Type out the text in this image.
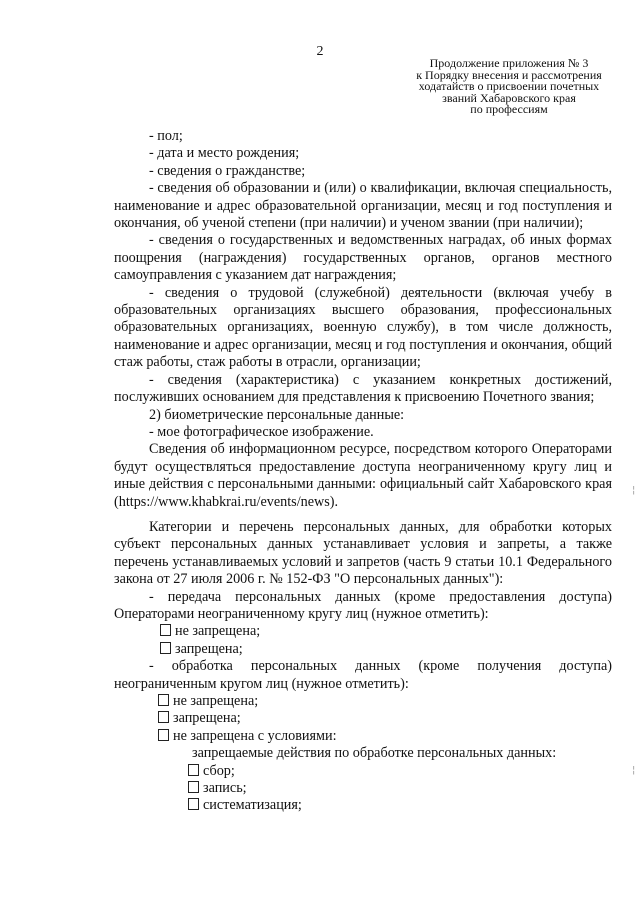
2
Продолжение приложения № 3
к Порядку внесения и рассмотрения
ходатайств о присвоении почетных
званий Хабаровского края
по профессиям

- пол;

- дата и место рождения;

- сведения о гражданстве;

- сведения об образовании и (или) о квалификации, включая специальность, наименование и адрес образовательной организации, месяц и год поступления и окончания, об ученой степени (при наличии) и ученом звании (при наличии);

- сведения о государственных и ведомственных наградах, об иных формах поощрения (награждения) государственных органов, органов местного самоуправления с указанием дат награждения;

- сведения о трудовой (служебной) деятельности (включая учебу в образовательных организациях высшего образования, профессиональных образовательных организациях, военную службу), в том числе должность, наименование и адрес организации, месяц и год поступления и окончания, общий стаж работы, стаж работы в отрасли, организации;

- сведения (характеристика) с указанием конкретных достижений, послуживших основанием для представления к присвоению Почетного звания;

2) биометрические персональные данные:

- мое фотографическое изображение.

Сведения об информационном ресурсе, посредством которого Операторами будут осуществляться предоставление доступа неограниченному кругу лиц и иные действия с персональными данными: официальный сайт Хабаровского края (https://www.khabkrai.ru/events/news).

Категории и перечень персональных данных, для обработки которых субъект персональных данных устанавливает условия и запреты, а также перечень устанавливаемых условий и запретов (часть 9 статьи 10.1 Федерального закона от 27 июля 2006 г. № 152-ФЗ "О персональных данных"):

- передача персональных данных (кроме предоставления доступа) Операторами неограниченному кругу лиц (нужное отметить):

не запрещена;
запрещена;

- обработка персональных данных (кроме получения доступа) неограниченным кругом лиц (нужное отметить):

не запрещена;
запрещена;
не запрещена с условиями:
запрещаемые действия по обработке персональных данных:
сбор;
запись;
систематизация;
¦
¦
